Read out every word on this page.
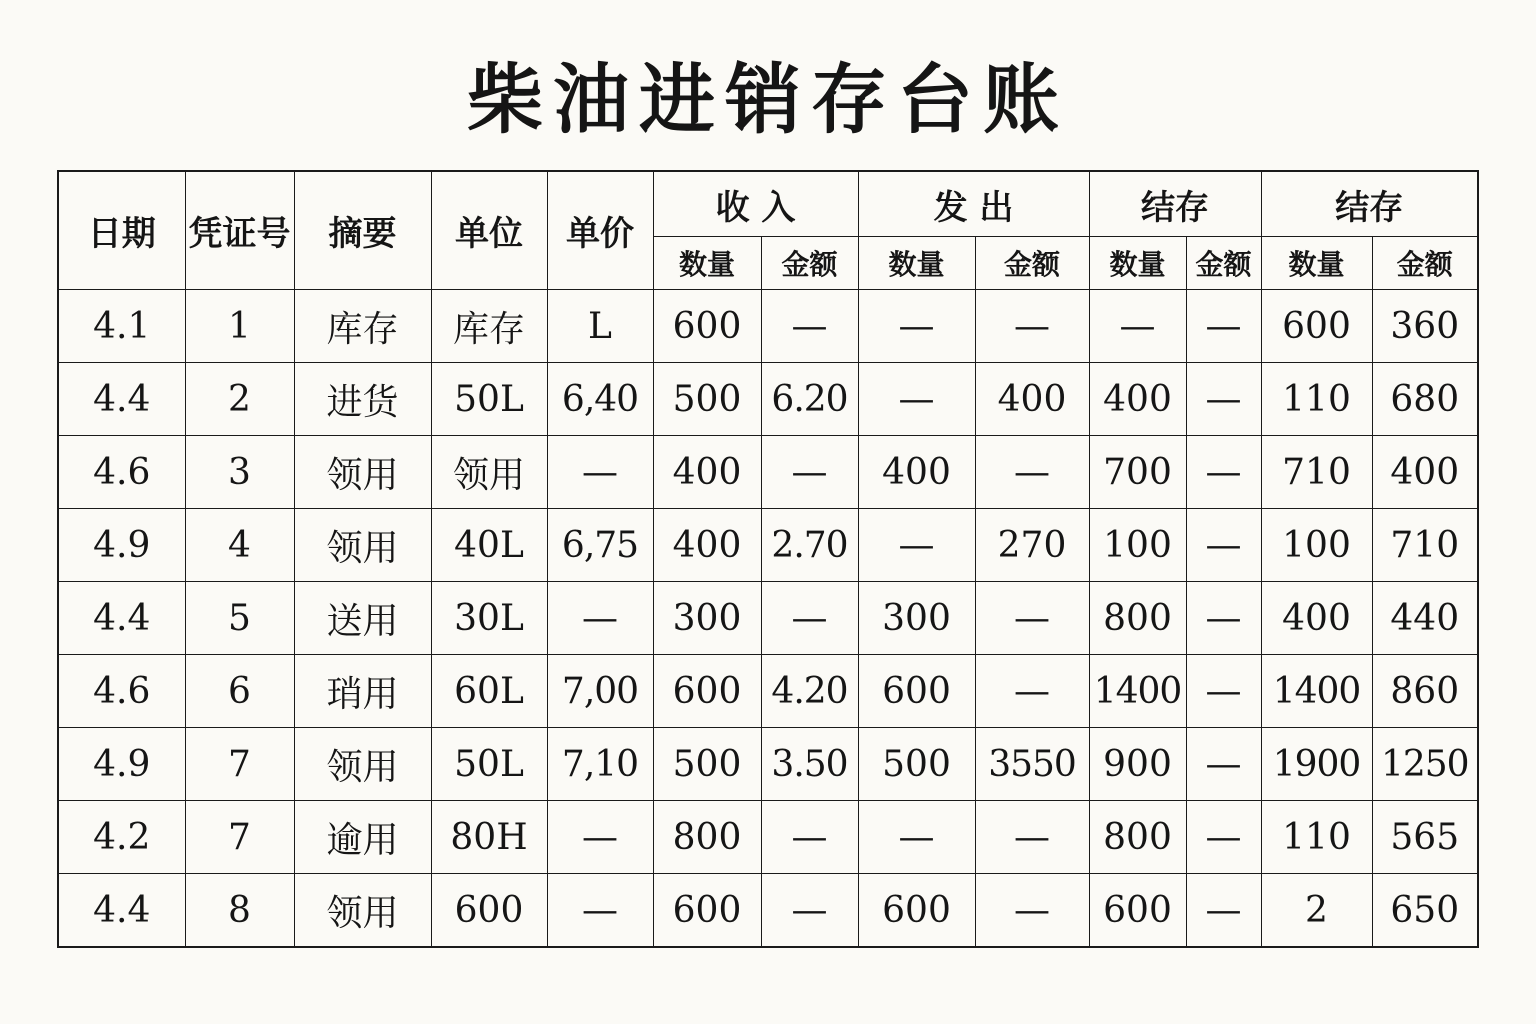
柴油进销存台账
日期	凭证号	摘要	单位	单价	收 入		发 出		结存		结存	
					数量	金额	数量	金额	数量	金额	数量	金额
4.1	1	库存	库存	L	600	—	—	—	—	—	600	360
4.4	2	进货	50L	6,40	500	6.20	—	400	400	—	110	680
4.6	3	领用	领用	—	400	—	400	—	700	—	710	400
4.9	4	领用	40L	6,75	400	2.70	—	270	100	—	100	710
4.4	5	送用	30L	—	300	—	300	—	800	—	400	440
4.6	6	琑用	60L	7,00	600	4.20	600	—	1400	—	1400	860
4.9	7	领用	50L	7,10	500	3.50	500	3550	900	—	1900	1250
4.2	7	逾用	80H	—	800	—	—	—	800	—	110	565
4.4	8	领用	600	—	600	—	600	—	600	—	2	650
